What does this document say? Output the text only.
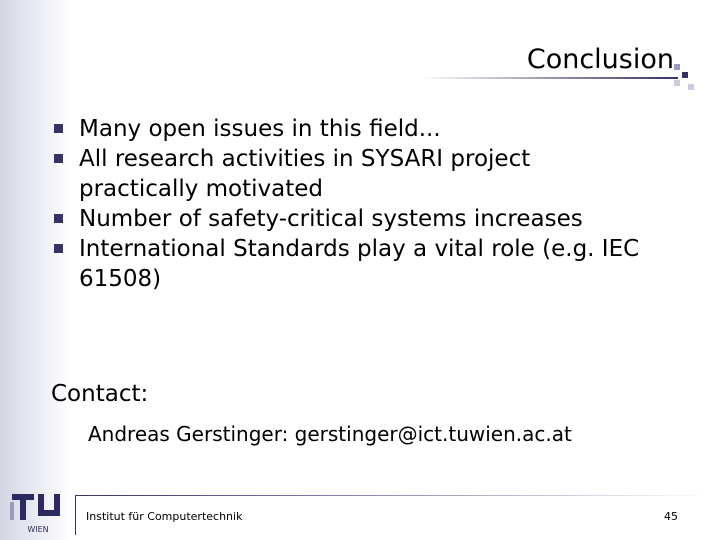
Conclusion
Many open issues in this field...
All research activities in SYSARI project practically motivated
Number of safety-critical systems increases
International Standards play a vital role (e.g. IEC 61508)
Contact:
Andreas Gerstinger: gerstinger@ict.tuwien.ac.at
WIEN
Institut für Computertechnik	45
